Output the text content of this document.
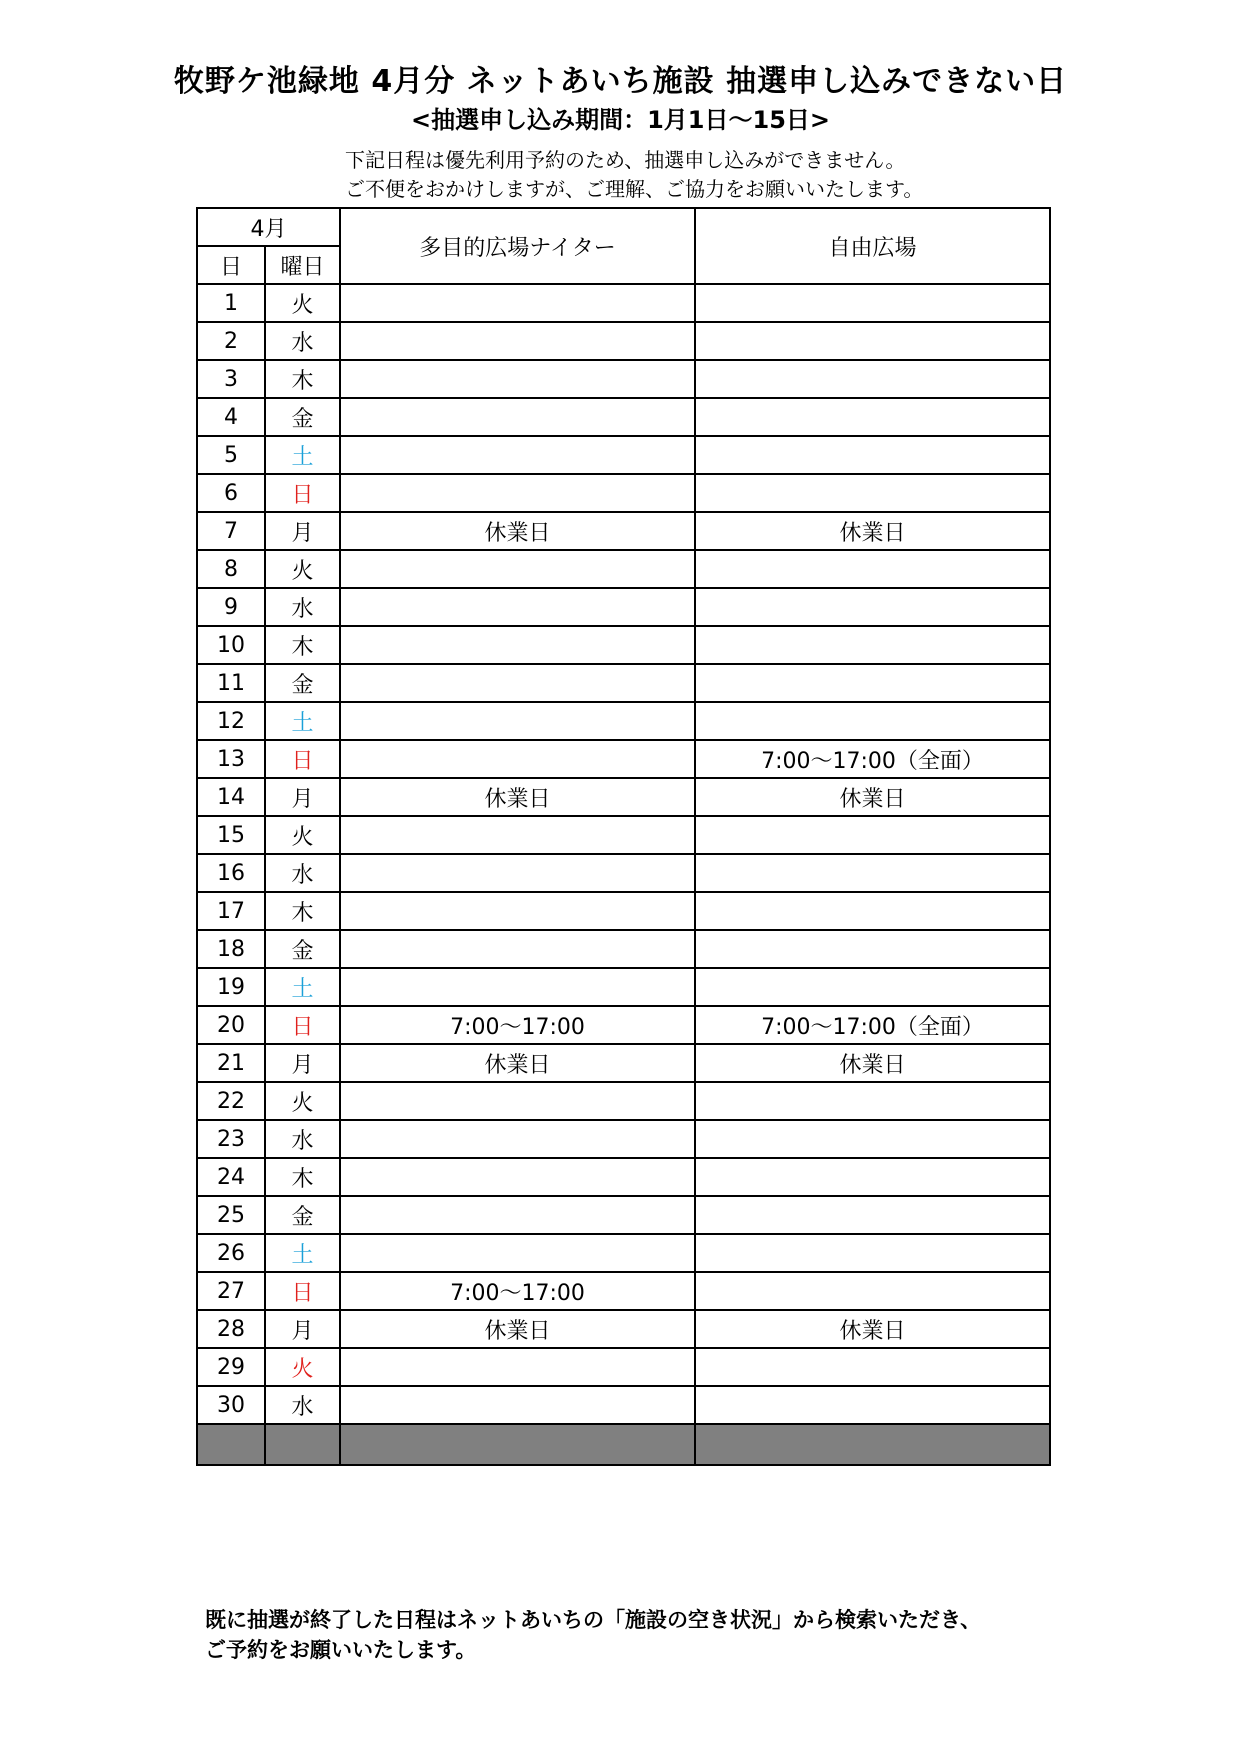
牧野ケ池緑地 4月分 ネットあいち施設 抽選申し込みできない日
<抽選申し込み期間：1月1日～15日>
下記日程は優先利用予約のため、抽選申し込みができません。
ご不便をおかけしますが、ご理解、ご協力をお願いいたします。
4月		多目的広場ナイター	自由広場
日	曜日		
1	火		
2	水		
3	木		
4	金		
5	土		
6	日		
7	月	休業日	休業日
8	火		
9	水		
10	木		
11	金		
12	土		
13	日		7:00～17:00（全面）
14	月	休業日	休業日
15	火		
16	水		
17	木		
18	金		
19	土		
20	日	7:00～17:00	7:00～17:00（全面）
21	月	休業日	休業日
22	火		
23	水		
24	木		
25	金		
26	土		
27	日	7:00～17:00	
28	月	休業日	休業日
29	火		
30	水		

既に抽選が終了した日程はネットあいちの「施設の空き状況」から検索いただき、
ご予約をお願いいたします。
